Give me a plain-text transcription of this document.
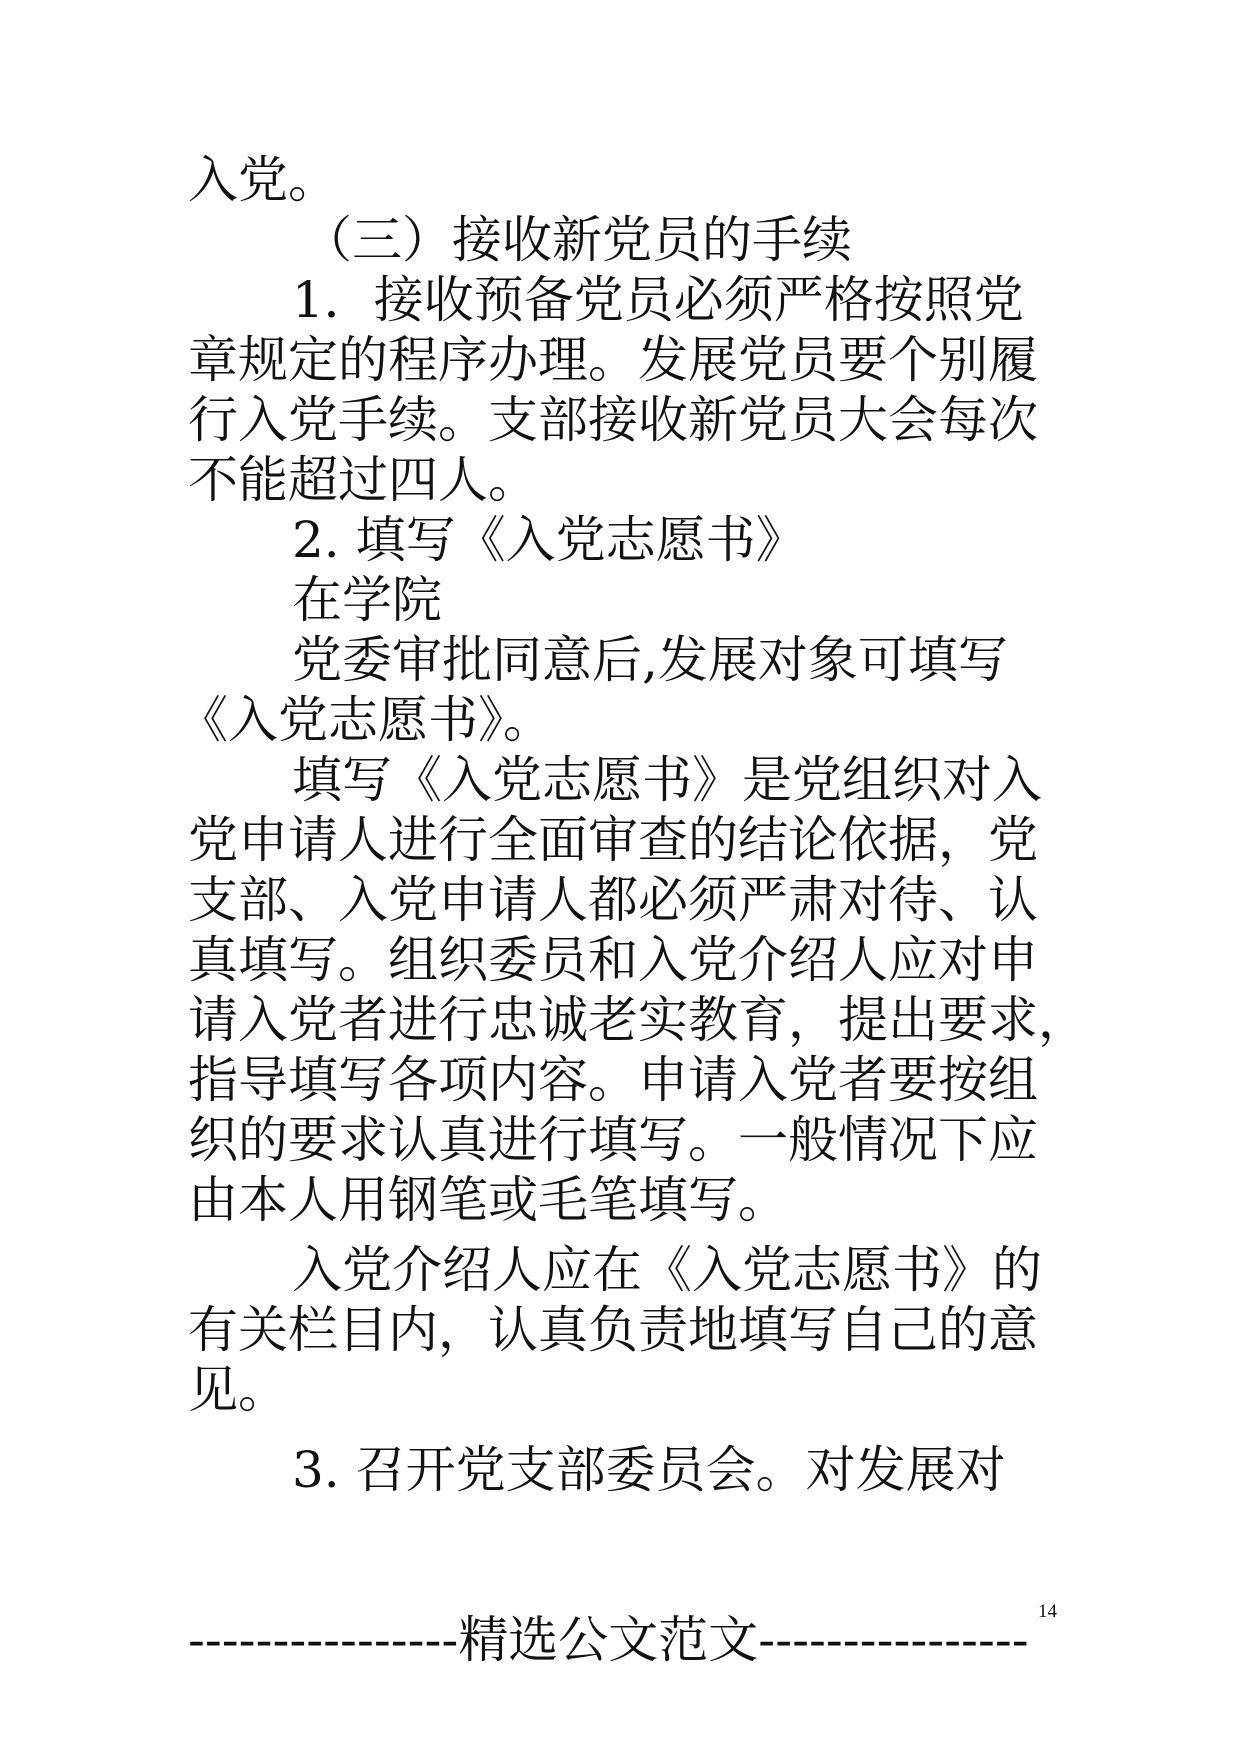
入党。
（三）接收新党员的手续
1．接收预备党员必须严格按照党
章规定的程序办理。发展党员要个别履
行入党手续。支部接收新党员大会每次
不能超过四人。
2. 填写《入党志愿书》
在学院
党委审批同意后,发展对象可填写
《入党志愿书》。
填写《入党志愿书》是党组织对入
党申请人进行全面审查的结论依据，党
支部、入党申请人都必须严肃对待、认
真填写。组织委员和入党介绍人应对申
请入党者进行忠诚老实教育，提出要求，
指导填写各项内容。申请入党者要按组
织的要求认真进行填写。一般情况下应
由本人用钢笔或毛笔填写。
入党介绍人应在《入党志愿书》的
有关栏目内，认真负责地填写自己的意
见。
3. 召开党支部委员会。对发展对
14
----------------精选公文范文----------------
